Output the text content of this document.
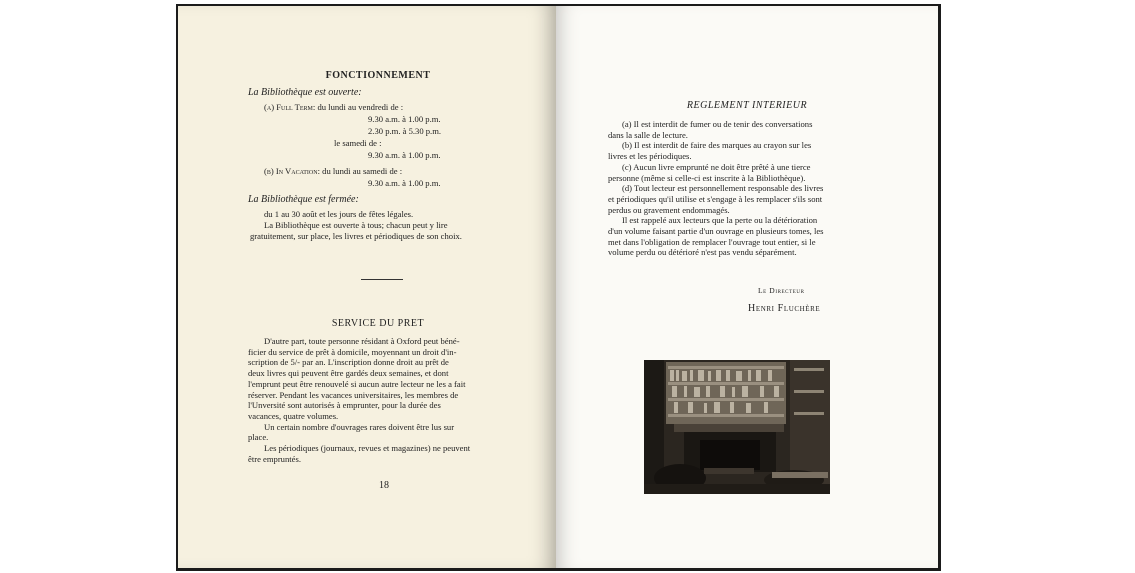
FONCTIONNEMENT
La Bibliothèque est ouverte:
(a) Full Term: du lundi au vendredi de :
9.30 a.m. à 1.00 p.m.
2.30 p.m. à 5.30 p.m.
le samedi de :
9.30 a.m. à 1.00 p.m.
(b) In Vacation: du lundi au samedi de :
9.30 a.m. à 1.00 p.m.
La Bibliothèque est fermée:
du 1 au 30 août et les jours de fêtes légales.
La Bibliothèque est ouverte à tous; chacun peut y lire
gratuitement, sur place, les livres et périodiques de son choix.
SERVICE DU PRET
D'autre part, toute personne résidant à Oxford peut béné-
ficier du service de prêt à domicile, moyennant un droit d'in-
scription de 5/- par an. L'inscription donne droit au prêt de
deux livres qui peuvent être gardés deux semaines, et dont
l'emprunt peut être renouvelé si aucun autre lecteur ne les a fait
réserver. Pendant les vacances universitaires, les membres de
l'Unversité sont autorisés à emprunter, pour la durée des
vacances, quatre volumes.
Un certain nombre d'ouvrages rares doivent être lus sur
place.
Les périodiques (journaux, revues et magazines) ne peuvent
être empruntés.
18
REGLEMENT INTERIEUR
(a) Il est interdit de fumer ou de tenir des conversations
dans la salle de lecture.
(b) Il est interdit de faire des marques au crayon sur les
livres et les périodiques.
(c) Aucun livre emprunté ne doit être prêté à une tierce
personne (même si celle-ci est inscrite à la Bibliothèque).
(d) Tout lecteur est personnellement responsable des livres
et périodiques qu'il utilise et s'engage à les remplacer s'ils sont
perdus ou gravement endommagés.
Il est rappelé aux lecteurs que la perte ou la détérioration
d'un volume faisant partie d'un ouvrage en plusieurs tomes, les
met dans l'obligation de remplacer l'ouvrage tout entier, si le
volume perdu ou détérioré n'est pas vendu séparément.
Le Directeur
Henri Fluchère
